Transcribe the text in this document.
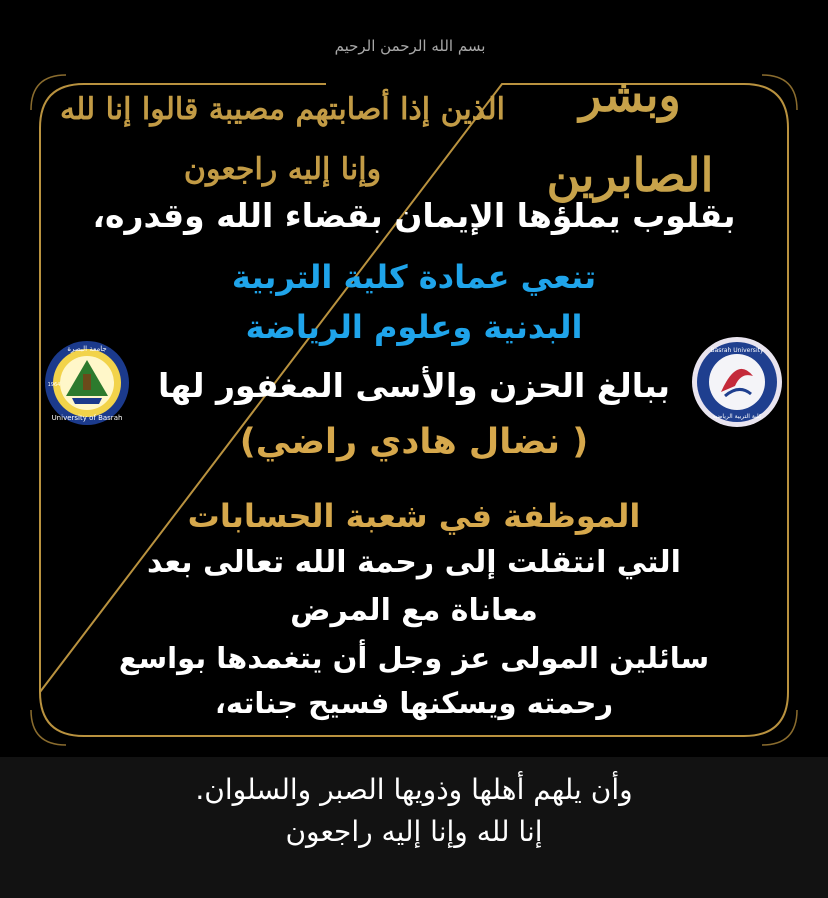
بسم الله الرحمن الرحيم
وبشر الصابرين
الذين إذا أصابتهم مصيبة قالوا إنا لله وإنا إليه راجعون
University of Basrah
جامعة البصرة
1964
Basrah University
كلية التربية الرياضية
بقلوب يملؤها الإيمان بقضاء الله وقدره،
تنعي عمادة كلية التربية
البدنية وعلوم الرياضة
ببالغ الحزن والأسى المغفور لها
( نضال هادي راضي)
الموظفة في شعبة الحسابات
التي انتقلت إلى رحمة الله تعالى بعد
معاناة مع المرض
سائلين المولى عز وجل أن يتغمدها بواسع
رحمته ويسكنها فسيح جناته،
وأن يلهم أهلها وذويها الصبر والسلوان.
إنا لله وإنا إليه راجعون
